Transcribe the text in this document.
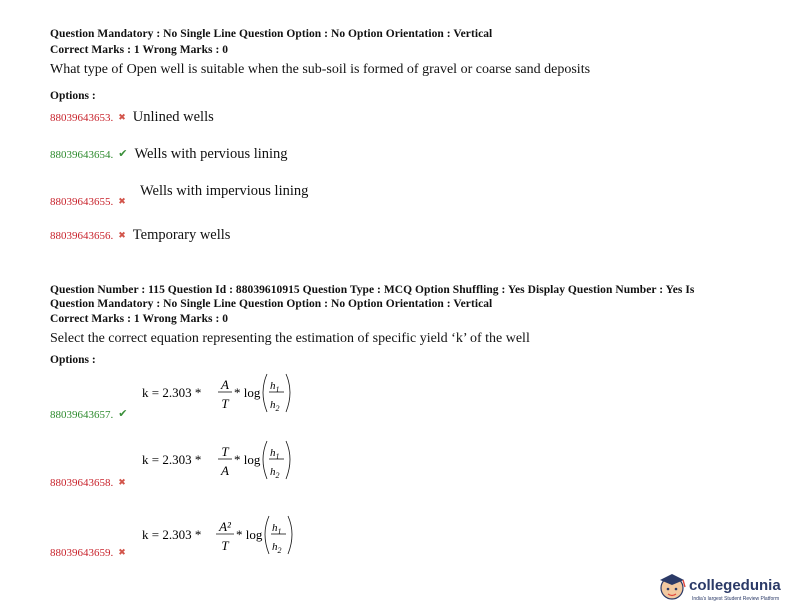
Question Mandatory : No Single Line Question Option : No Option Orientation : Vertical
Correct Marks : 1 Wrong Marks : 0
What type of Open well is suitable when the sub-soil is formed of gravel or coarse sand deposits
Options :
88039643653. ✖ Unlined wells
88039643654. ✔ Wells with pervious lining
88039643655. ✖
Wells with impervious lining
88039643656. ✖ Temporary wells
Question Number : 115 Question Id : 88039610915 Question Type : MCQ Option Shuffling : Yes Display Question Number : Yes Is
Question Mandatory : No Single Line Question Option : No Option Orientation : Vertical
Correct Marks : 1 Wrong Marks : 0
Select the correct equation representing the estimation of specific yield ‘k’ of the well
Options :
88039643657. ✔
k = 2.303 *
A
T
* $\log h_1$
$h_2$
88039643658. ✖
k = 2.303 *
T
A
* $\log h_1$
$h_2$
88039643659. ✖
k = 2.303 *
A²
T
* $\log h_1$
$h_2$
collegedunia
India's largest Student Review Platform
